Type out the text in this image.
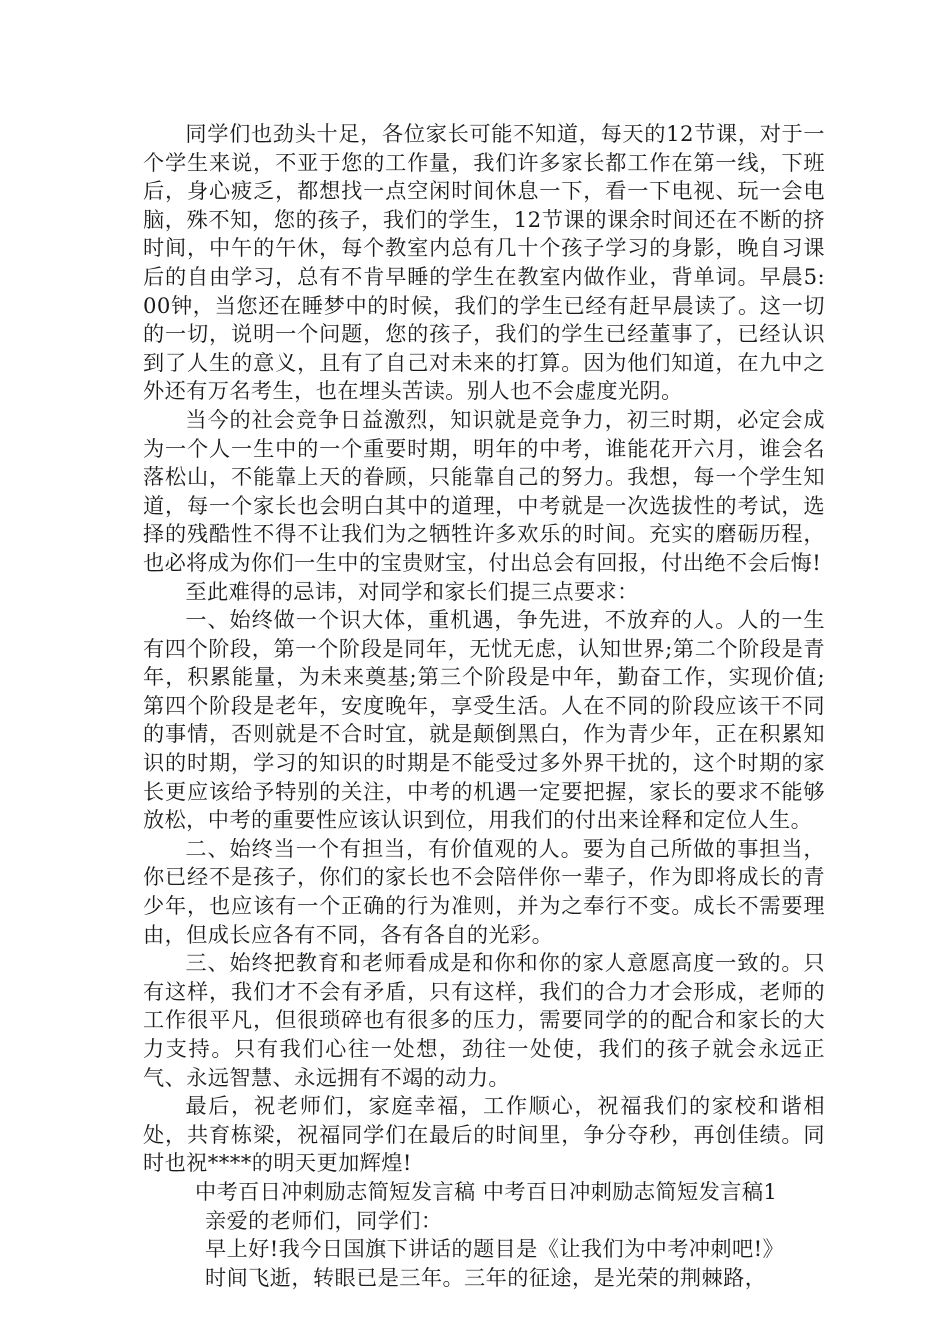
同学们也劲头十足，各位家长可能不知道，每天的12节课，对于一个学生来说，不亚于您的工作量，我们许多家长都工作在第一线，下班后，身心疲乏，都想找一点空闲时间休息一下，看一下电视、玩一会电脑，殊不知，您的孩子，我们的学生，12节课的课余时间还在不断的挤时间，中午的午休，每个教室内总有几十个孩子学习的身影，晚自习课后的自由学习，总有不肯早睡的学生在教室内做作业，背单词。早晨5:00钟，当您还在睡梦中的时候，我们的学生已经有赶早晨读了。这一切的一切，说明一个问题，您的孩子，我们的学生已经董事了，已经认识到了人生的意义，且有了自己对未来的打算。因为他们知道，在九中之外还有万名考生，也在埋头苦读。别人也不会虚度光阴。

当今的社会竞争日益激烈，知识就是竞争力，初三时期，必定会成为一个人一生中的一个重要时期，明年的中考，谁能花开六月，谁会名落松山，不能靠上天的眷顾，只能靠自己的努力。我想，每一个学生知道，每一个家长也会明白其中的道理，中考就是一次选拔性的考试，选择的残酷性不得不让我们为之牺牲许多欢乐的时间。充实的磨砺历程，也必将成为你们一生中的宝贵财宝，付出总会有回报，付出绝不会后悔!

至此难得的忌讳，对同学和家长们提三点要求：

一、始终做一个识大体，重机遇，争先进，不放弃的人。人的一生有四个阶段，第一个阶段是同年，无忧无虑，认知世界;第二个阶段是青年，积累能量，为未来奠基;第三个阶段是中年，勤奋工作，实现价值;第四个阶段是老年，安度晚年，享受生活。人在不同的阶段应该干不同的事情，否则就是不合时宜，就是颠倒黑白，作为青少年，正在积累知识的时期，学习的知识的时期是不能受过多外界干扰的，这个时期的家长更应该给予特别的关注，中考的机遇一定要把握，家长的要求不能够放松，中考的重要性应该认识到位，用我们的付出来诠释和定位人生。

二、始终当一个有担当，有价值观的人。要为自己所做的事担当，你已经不是孩子，你们的家长也不会陪伴你一辈子，作为即将成长的青少年，也应该有一个正确的行为准则，并为之奉行不变。成长不需要理由，但成长应各有不同，各有各自的光彩。

三、始终把教育和老师看成是和你和你的家人意愿高度一致的。只有这样，我们才不会有矛盾，只有这样，我们的合力才会形成，老师的工作很平凡，但很琐碎也有很多的压力，需要同学的的配合和家长的大力支持。只有我们心往一处想，劲往一处使，我们的孩子就会永远正气、永远智慧、永远拥有不竭的动力。

最后，祝老师们，家庭幸福，工作顺心，祝福我们的家校和谐相处，共育栋梁，祝福同学们在最后的时间里，争分夺秒，再创佳绩。同时也祝****的明天更加辉煌!

中考百日冲刺励志简短发言稿 中考百日冲刺励志简短发言稿1

亲爱的老师们，同学们：

早上好!我今日国旗下讲话的题目是《让我们为中考冲刺吧!》

时间飞逝，转眼已是三年。三年的征途，是光荣的荆棘路，
